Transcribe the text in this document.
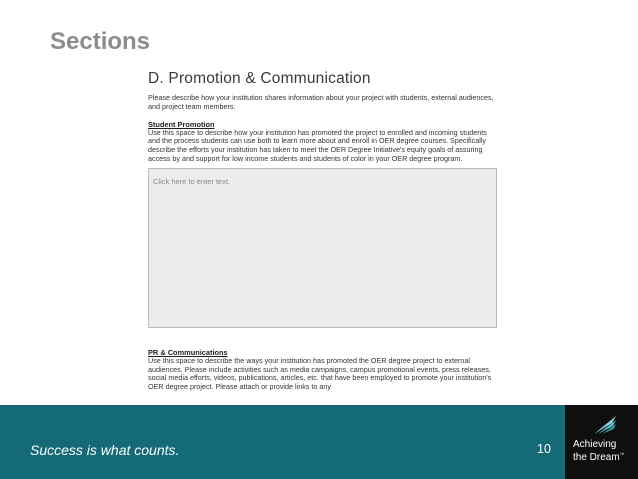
Sections
D. Promotion & Communication
Please describe how your institution shares information about your project with students, external audiences, and project team members.
Student Promotion
Use this space to describe how your institution has promoted the project to enrolled and incoming students and the process students can use both to learn more about and enroll in OER degree courses. Specifically describe the efforts your institution has taken to meet the OER Degree Initiative's equity goals of assuring access by and support for low income students and students of color in your OER degree program.
Click here to enter text.
PR & Communications
Use this space to describe the ways your institution has promoted the OER degree project to external audiences. Please include activities such as media campaigns, campus promotional events, press releases, social media efforts, videos, publications, articles, etc. that have been employed to promote your institution's OER degree project. Please attach or provide links to any
Success is what counts.	10 Achieving
the Dream™
